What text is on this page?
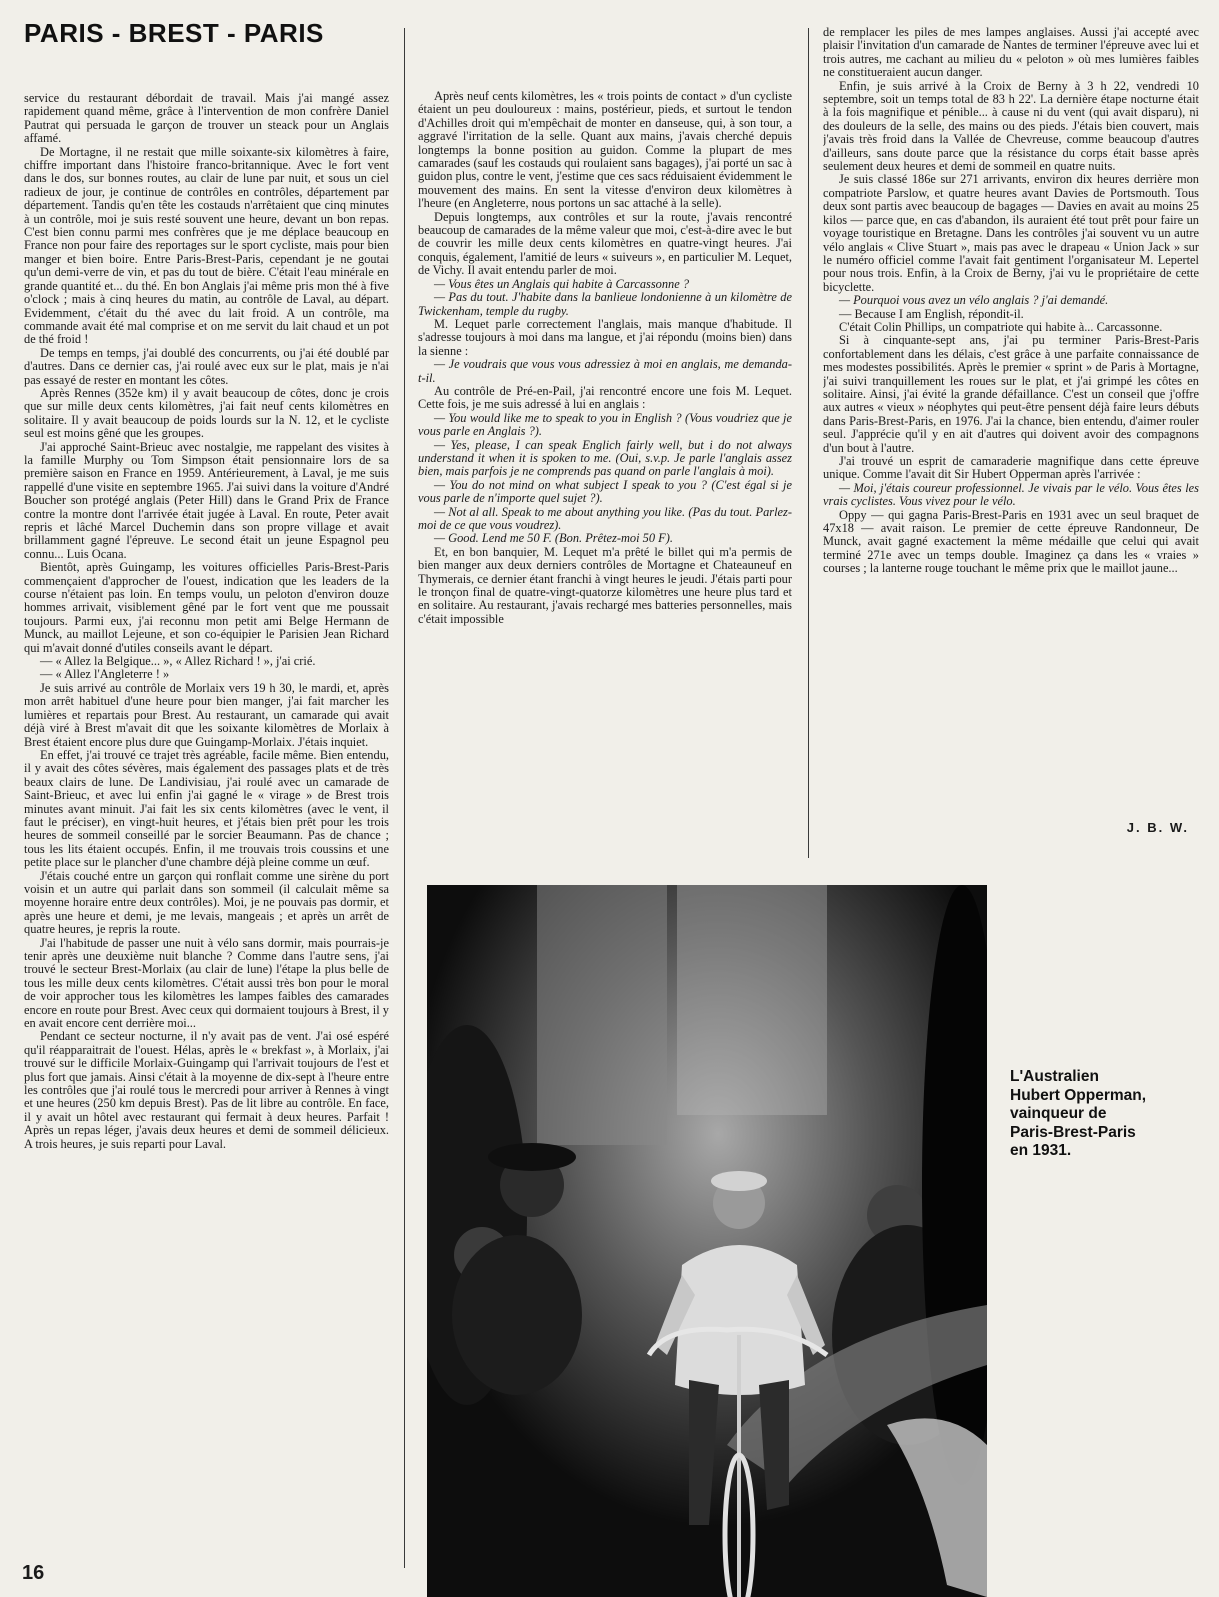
PARIS - BREST - PARIS

service du restaurant débordait de travail. Mais j'ai mangé assez rapidement quand même, grâce à l'intervention de mon confrère Daniel Pautrat qui persuada le garçon de trouver un steack pour un Anglais affamé.

De Mortagne, il ne restait que mille soixante-six kilomètres à faire, chiffre important dans l'histoire franco-britannique. Avec le fort vent dans le dos, sur bonnes routes, au clair de lune par nuit, et sous un ciel radieux de jour, je continue de contrôles en contrôles, département par département. Tandis qu'en tête les costauds n'arrêtaient que cinq minutes à un contrôle, moi je suis resté souvent une heure, devant un bon repas. C'est bien connu parmi mes confrères que je me déplace beaucoup en France non pour faire des reportages sur le sport cycliste, mais pour bien manger et bien boire. Entre Paris-Brest-Paris, cependant je ne goutai qu'un demi-verre de vin, et pas du tout de bière. C'était l'eau minérale en grande quantité et... du thé. En bon Anglais j'ai même pris mon thé à five o'clock ; mais à cinq heures du matin, au contrôle de Laval, au départ. Evidemment, c'était du thé avec du lait froid. A un contrôle, ma commande avait été mal comprise et on me servit du lait chaud et un pot de thé froid !

De temps en temps, j'ai doublé des concurrents, ou j'ai été doublé par d'autres. Dans ce dernier cas, j'ai roulé avec eux sur le plat, mais je n'ai pas essayé de rester en montant les côtes.

Après Rennes (352e km) il y avait beaucoup de côtes, donc je crois que sur mille deux cents kilomètres, j'ai fait neuf cents kilomètres en solitaire. Il y avait beaucoup de poids lourds sur la N. 12, et le cycliste seul est moins gêné que les groupes.

J'ai approché Saint-Brieuc avec nostalgie, me rappelant des visites à la famille Murphy ou Tom Simpson était pensionnaire lors de sa première saison en France en 1959. Antérieurement, à Laval, je me suis rappellé d'une visite en septembre 1965. J'ai suivi dans la voiture d'André Boucher son protégé anglais (Peter Hill) dans le Grand Prix de France contre la montre dont l'arrivée était jugée à Laval. En route, Peter avait repris et lâché Marcel Duchemin dans son propre village et avait brillamment gagné l'épreuve. Le second était un jeune Espagnol peu connu... Luis Ocana.

Bientôt, après Guingamp, les voitures officielles Paris-Brest-Paris commençaient d'approcher de l'ouest, indication que les leaders de la course n'étaient pas loin. En temps voulu, un peloton d'environ douze hommes arrivait, visiblement gêné par le fort vent que me poussait toujours. Parmi eux, j'ai reconnu mon petit ami Belge Hermann de Munck, au maillot Lejeune, et son co-équipier le Parisien Jean Richard qui m'avait donné d'utiles conseils avant le départ.

— « Allez la Belgique... », « Allez Richard ! », j'ai crié.

— « Allez l'Angleterre ! »

Je suis arrivé au contrôle de Morlaix vers 19 h 30, le mardi, et, après mon arrêt habituel d'une heure pour bien manger, j'ai fait marcher les lumières et repartais pour Brest. Au restaurant, un camarade qui avait déjà viré à Brest m'avait dit que les soixante kilomètres de Morlaix à Brest étaient encore plus dure que Guingamp-Morlaix. J'étais inquiet.

En effet, j'ai trouvé ce trajet très agréable, facile même. Bien entendu, il y avait des côtes sévères, mais également des passages plats et de très beaux clairs de lune. De Landivisiau, j'ai roulé avec un camarade de Saint-Brieuc, et avec lui enfin j'ai gagné le « virage » de Brest trois minutes avant minuit. J'ai fait les six cents kilomètres (avec le vent, il faut le préciser), en vingt-huit heures, et j'étais bien prêt pour les trois heures de sommeil conseillé par le sorcier Beaumann. Pas de chance ; tous les lits étaient occupés. Enfin, il me trouvais trois coussins et une petite place sur le plancher d'une chambre déjà pleine comme un œuf.

J'étais couché entre un garçon qui ronflait comme une sirène du port voisin et un autre qui parlait dans son sommeil (il calculait même sa moyenne horaire entre deux contrôles). Moi, je ne pouvais pas dormir, et après une heure et demi, je me levais, mangeais ; et après un arrêt de quatre heures, je repris la route.

J'ai l'habitude de passer une nuit à vélo sans dormir, mais pourrais-je tenir après une deuxième nuit blanche ? Comme dans l'autre sens, j'ai trouvé le secteur Brest-Morlaix (au clair de lune) l'étape la plus belle de tous les mille deux cents kilomètres. C'était aussi très bon pour le moral de voir approcher tous les kilomètres les lampes faibles des camarades encore en route pour Brest. Avec ceux qui dormaient toujours à Brest, il y en avait encore cent derrière moi...

Pendant ce secteur nocturne, il n'y avait pas de vent. J'ai osé espéré qu'il réapparaitrait de l'ouest. Hélas, après le « brekfast », à Morlaix, j'ai trouvé sur le difficile Morlaix-Guingamp qui l'arrivait toujours de l'est et plus fort que jamais. Ainsi c'était à la moyenne de dix-sept à l'heure entre les contrôles que j'ai roulé tous le mercredi pour arriver à Rennes à vingt et une heures (250 km depuis Brest). Pas de lit libre au contrôle. En face, il y avait un hôtel avec restaurant qui fermait à deux heures. Parfait ! Après un repas léger, j'avais deux heures et demi de sommeil délicieux. A trois heures, je suis reparti pour Laval.

Après neuf cents kilomètres, les « trois points de contact » d'un cycliste étaient un peu douloureux : mains, postérieur, pieds, et surtout le tendon d'Achilles droit qui m'empêchait de monter en danseuse, qui, à son tour, a aggravé l'irritation de la selle. Quant aux mains, j'avais cherché depuis longtemps la bonne position au guidon. Comme la plupart de mes camarades (sauf les costauds qui roulaient sans bagages), j'ai porté un sac à guidon plus, contre le vent, j'estime que ces sacs réduisaient évidemment le mouvement des mains. En sent la vitesse d'environ deux kilomètres à l'heure (en Angleterre, nous portons un sac attaché à la selle).

Depuis longtemps, aux contrôles et sur la route, j'avais rencontré beaucoup de camarades de la même valeur que moi, c'est-à-dire avec le but de couvrir les mille deux cents kilomètres en quatre-vingt heures. J'ai conquis, également, l'amitié de leurs « suiveurs », en particulier M. Lequet, de Vichy. Il avait entendu parler de moi.

— Vous êtes un Anglais qui habite à Carcassonne ?

— Pas du tout. J'habite dans la banlieue londonienne à un kilomètre de Twickenham, temple du rugby.

M. Lequet parle correctement l'anglais, mais manque d'habitude. Il s'adresse toujours à moi dans ma langue, et j'ai répondu (moins bien) dans la sienne :

— Je voudrais que vous vous adressiez à moi en anglais, me demanda-t-il.

Au contrôle de Pré-en-Pail, j'ai rencontré encore une fois M. Lequet. Cette fois, je me suis adressé à lui en anglais :

— You would like me to speak to you in English ? (Vous voudriez que je vous parle en Anglais ?).

— Yes, please, I can speak Englich fairly well, but i do not always understand it when it is spoken to me. (Oui, s.v.p. Je parle l'anglais assez bien, mais parfois je ne comprends pas quand on parle l'anglais à moi).

— You do not mind on what subject I speak to you ? (C'est égal si je vous parle de n'importe quel sujet ?).

— Not al all. Speak to me about anything you like. (Pas du tout. Parlez-moi de ce que vous voudrez).

— Good. Lend me 50 F. (Bon. Prêtez-moi 50 F).

Et, en bon banquier, M. Lequet m'a prêté le billet qui m'a permis de bien manger aux deux derniers contrôles de Mortagne et Chateauneuf en Thymerais, ce dernier étant franchi à vingt heures le jeudi. J'étais parti pour le tronçon final de quatre-vingt-quatorze kilomètres une heure plus tard et en solitaire. Au restaurant, j'avais rechargé mes batteries personnelles, mais c'était impossible

de remplacer les piles de mes lampes anglaises. Aussi j'ai accepté avec plaisir l'invitation d'un camarade de Nantes de terminer l'épreuve avec lui et trois autres, me cachant au milieu du « peloton » où mes lumières faibles ne constitueraient aucun danger.

Enfin, je suis arrivé à la Croix de Berny à 3 h 22, vendredi 10 septembre, soit un temps total de 83 h 22'. La dernière étape nocturne était à la fois magnifique et pénible... à cause ni du vent (qui avait disparu), ni des douleurs de la selle, des mains ou des pieds. J'étais bien couvert, mais j'avais très froid dans la Vallée de Chevreuse, comme beaucoup d'autres d'ailleurs, sans doute parce que la résistance du corps était basse après seulement deux heures et demi de sommeil en quatre nuits.

Je suis classé 186e sur 271 arrivants, environ dix heures derrière mon compatriote Parslow, et quatre heures avant Davies de Portsmouth. Tous deux sont partis avec beaucoup de bagages — Davies en avait au moins 25 kilos — parce que, en cas d'abandon, ils auraient été tout prêt pour faire un voyage touristique en Bretagne. Dans les contrôles j'ai souvent vu un autre vélo anglais « Clive Stuart », mais pas avec le drapeau « Union Jack » sur le numéro officiel comme l'avait fait gentiment l'organisateur M. Lepertel pour nous trois. Enfin, à la Croix de Berny, j'ai vu le propriétaire de cette bicyclette.

— Pourquoi vous avez un vélo anglais ? j'ai demandé.

— Because I am English, répondit-il.

C'était Colin Phillips, un compatriote qui habite à... Carcassonne.

Si à cinquante-sept ans, j'ai pu terminer Paris-Brest-Paris confortablement dans les délais, c'est grâce à une parfaite connaissance de mes modestes possibilités. Après le premier « sprint » de Paris à Mortagne, j'ai suivi tranquillement les roues sur le plat, et j'ai grimpé les côtes en solitaire. Ainsi, j'ai évité la grande défaillance. C'est un conseil que j'offre aux autres « vieux » néophytes qui peut-être pensent déjà faire leurs débuts dans Paris-Brest-Paris, en 1976. J'ai la chance, bien entendu, d'aimer rouler seul. J'apprécie qu'il y en ait d'autres qui doivent avoir des compagnons d'un bout à l'autre.

J'ai trouvé un esprit de camaraderie magnifique dans cette épreuve unique. Comme l'avait dit Sir Hubert Opperman après l'arrivée :

— Moi, j'étais coureur professionnel. Je vivais par le vélo. Vous êtes les vrais cyclistes. Vous vivez pour le vélo.

Oppy — qui gagna Paris-Brest-Paris en 1931 avec un seul braquet de 47x18 — avait raison. Le premier de cette épreuve Randonneur, De Munck, avait gagné exactement la même médaille que celui qui avait terminé 271e avec un temps double. Imaginez ça dans les « vraies » courses ; la lanterne rouge touchant le même prix que le maillot jaune...

J. B. W.
L'Australien
Hubert Opperman,
vainqueur de
Paris-Brest-Paris
en 1931.
16
